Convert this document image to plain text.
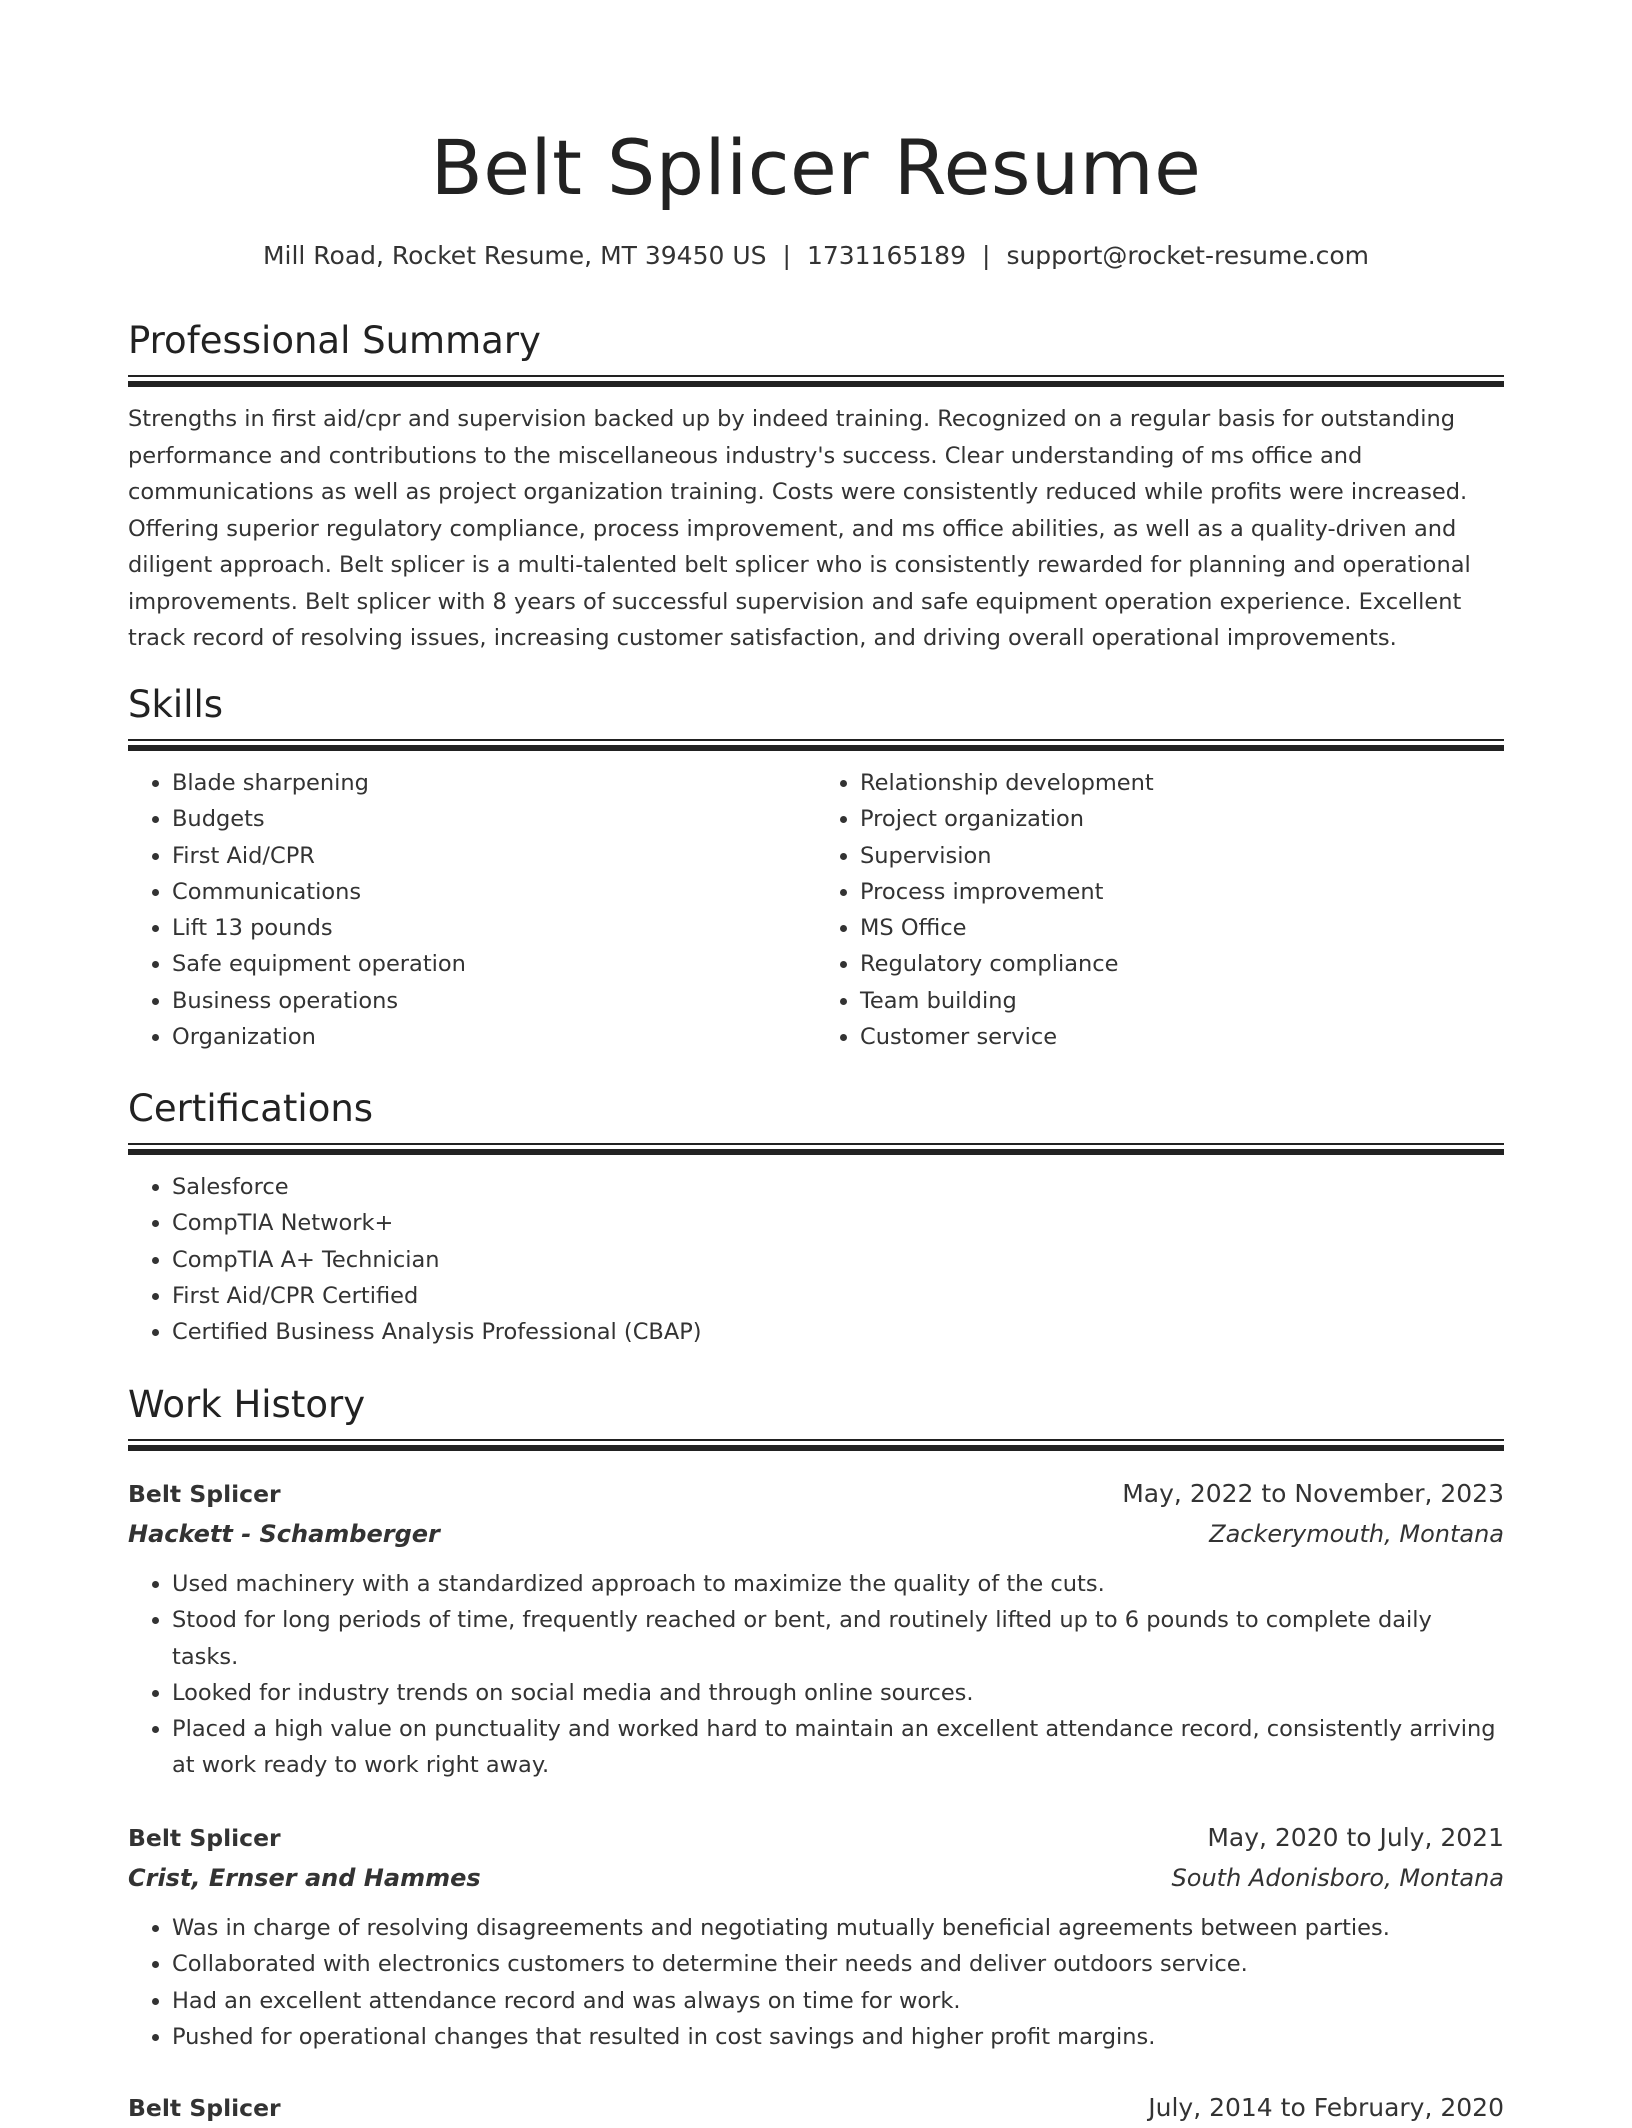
Belt Splicer Resume
Mill Road, Rocket Resume, MT 39450 US | 1731165189 | support@rocket-resume.com
Professional Summary

Strengths in first aid/cpr and supervision backed up by indeed training. Recognized on a regular basis for outstanding performance and contributions to the miscellaneous industry's success. Clear understanding of ms office and communications as well as project organization training. Costs were consistently reduced while profits were increased. Offering superior regulatory compliance, process improvement, and ms office abilities, as well as a quality-driven and diligent approach. Belt splicer is a multi-talented belt splicer who is consistently rewarded for planning and operational improvements. Belt splicer with 8 years of successful supervision and safe equipment operation experience. Excellent track record of resolving issues, increasing customer satisfaction, and driving overall operational improvements.

Skills
• Blade sharpening
• Budgets
• First Aid/CPR
• Communications
• Lift 13 pounds
• Safe equipment operation
• Business operations
• Organization
• Relationship development
• Project organization
• Supervision
• Process improvement
• MS Office
• Regulatory compliance
• Team building
• Customer service
Certifications
• Salesforce
• CompTIA Network+
• CompTIA A+ Technician
• First Aid/CPR Certified
• Certified Business Analysis Professional (CBAP)
Work History
Belt Splicer	May, 2022 to November, 2023
Hackett - Schamberger	Zackerymouth, Montana
• Used machinery with a standardized approach to maximize the quality of the cuts.
• Stood for long periods of time, frequently reached or bent, and routinely lifted up to 6 pounds to complete daily tasks.
• Looked for industry trends on social media and through online sources.
• Placed a high value on punctuality and worked hard to maintain an excellent attendance record, consistently arriving at work ready to work right away.
Belt Splicer	May, 2020 to July, 2021
Crist, Ernser and Hammes	South Adonisboro, Montana
• Was in charge of resolving disagreements and negotiating mutually beneficial agreements between parties.
• Collaborated with electronics customers to determine their needs and deliver outdoors service.
• Had an excellent attendance record and was always on time for work.
• Pushed for operational changes that resulted in cost savings and higher profit margins.
Belt Splicer	July, 2014 to February, 2020
